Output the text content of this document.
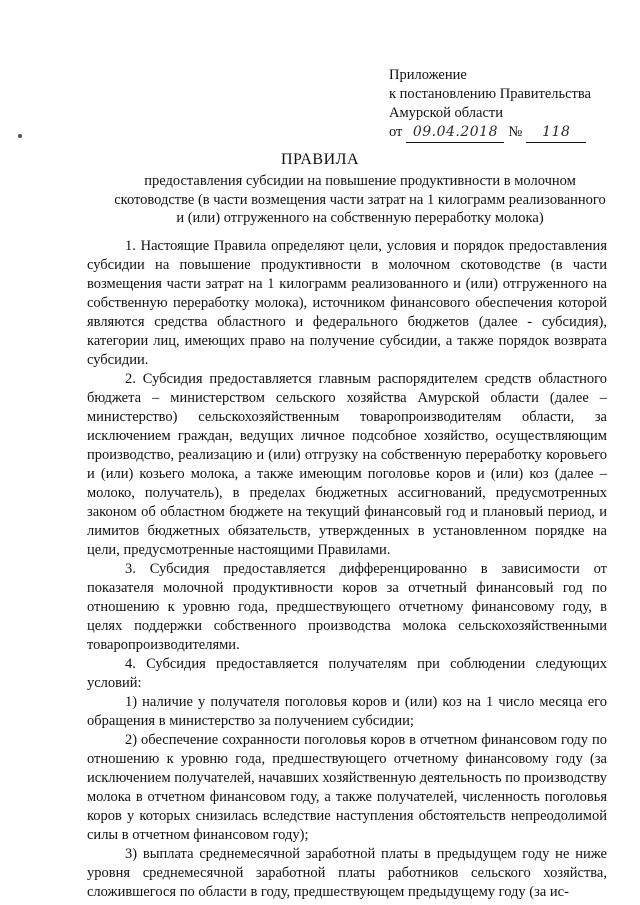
Приложение
к постановлению Правительства
Амурской области
от 09.04.2018 №	118
ПРАВИЛА
предоставления субсидии на повышение продуктивности в молочном скотоводстве (в части возмещения части затрат на 1 килограмм реализованного и (или) отгруженного на собственную переработку молока)

1. Настоящие Правила определяют цели, условия и порядок предоставления субсидии на повышение продуктивности в молочном скотоводстве (в части возмещения части затрат на 1 килограмм реализованного и (или) отгруженного на собственную переработку молока), источником финансового обеспечения которой являются средства областного и федерального бюджетов (далее - субсидия), категории лиц, имеющих право на получение субсидии, а также порядок возврата субсидии.

2. Субсидия предоставляется главным распорядителем средств областного бюджета – министерством сельского хозяйства Амурской области (далее – министерство) сельскохозяйственным товаропроизводителям области, за исключением граждан, ведущих личное подсобное хозяйство, осуществляющим производство, реализацию и (или) отгрузку на собственную переработку коровьего и (или) козьего молока, а также имеющим поголовье коров и (или) коз (далее – молоко, получатель), в пределах бюджетных ассигнований, предусмотренных законом об областном бюджете на текущий финансовый год и плановый период, и лимитов бюджетных обязательств, утвержденных в установленном порядке на цели, предусмотренные настоящими Правилами.

3. Субсидия предоставляется дифференцированно в зависимости от показателя молочной продуктивности коров за отчетный финансовый год по отношению к уровню года, предшествующего отчетному финансовому году, в целях поддержки собственного производства молока сельскохозяйственными товаропроизводителями.

4. Субсидия предоставляется получателям при соблюдении следующих условий:

1) наличие у получателя поголовья коров и (или) коз на 1 число месяца его обращения в министерство за получением субсидии;

2) обеспечение сохранности поголовья коров в отчетном финансовом году по отношению к уровню года, предшествующего отчетному финансовому году (за исключением получателей, начавших хозяйственную деятельность по производству молока в отчетном финансовом году, а также получателей, численность поголовья коров у которых снизилась вследствие наступления обстоятельств непреодолимой силы в отчетном финансовом году);

3) выплата среднемесячной заработной платы в предыдущем году не ниже уровня среднемесячной заработной платы работников сельского хозяйства, сложившегося по области в году, предшествующем предыдущему году (за ис-
